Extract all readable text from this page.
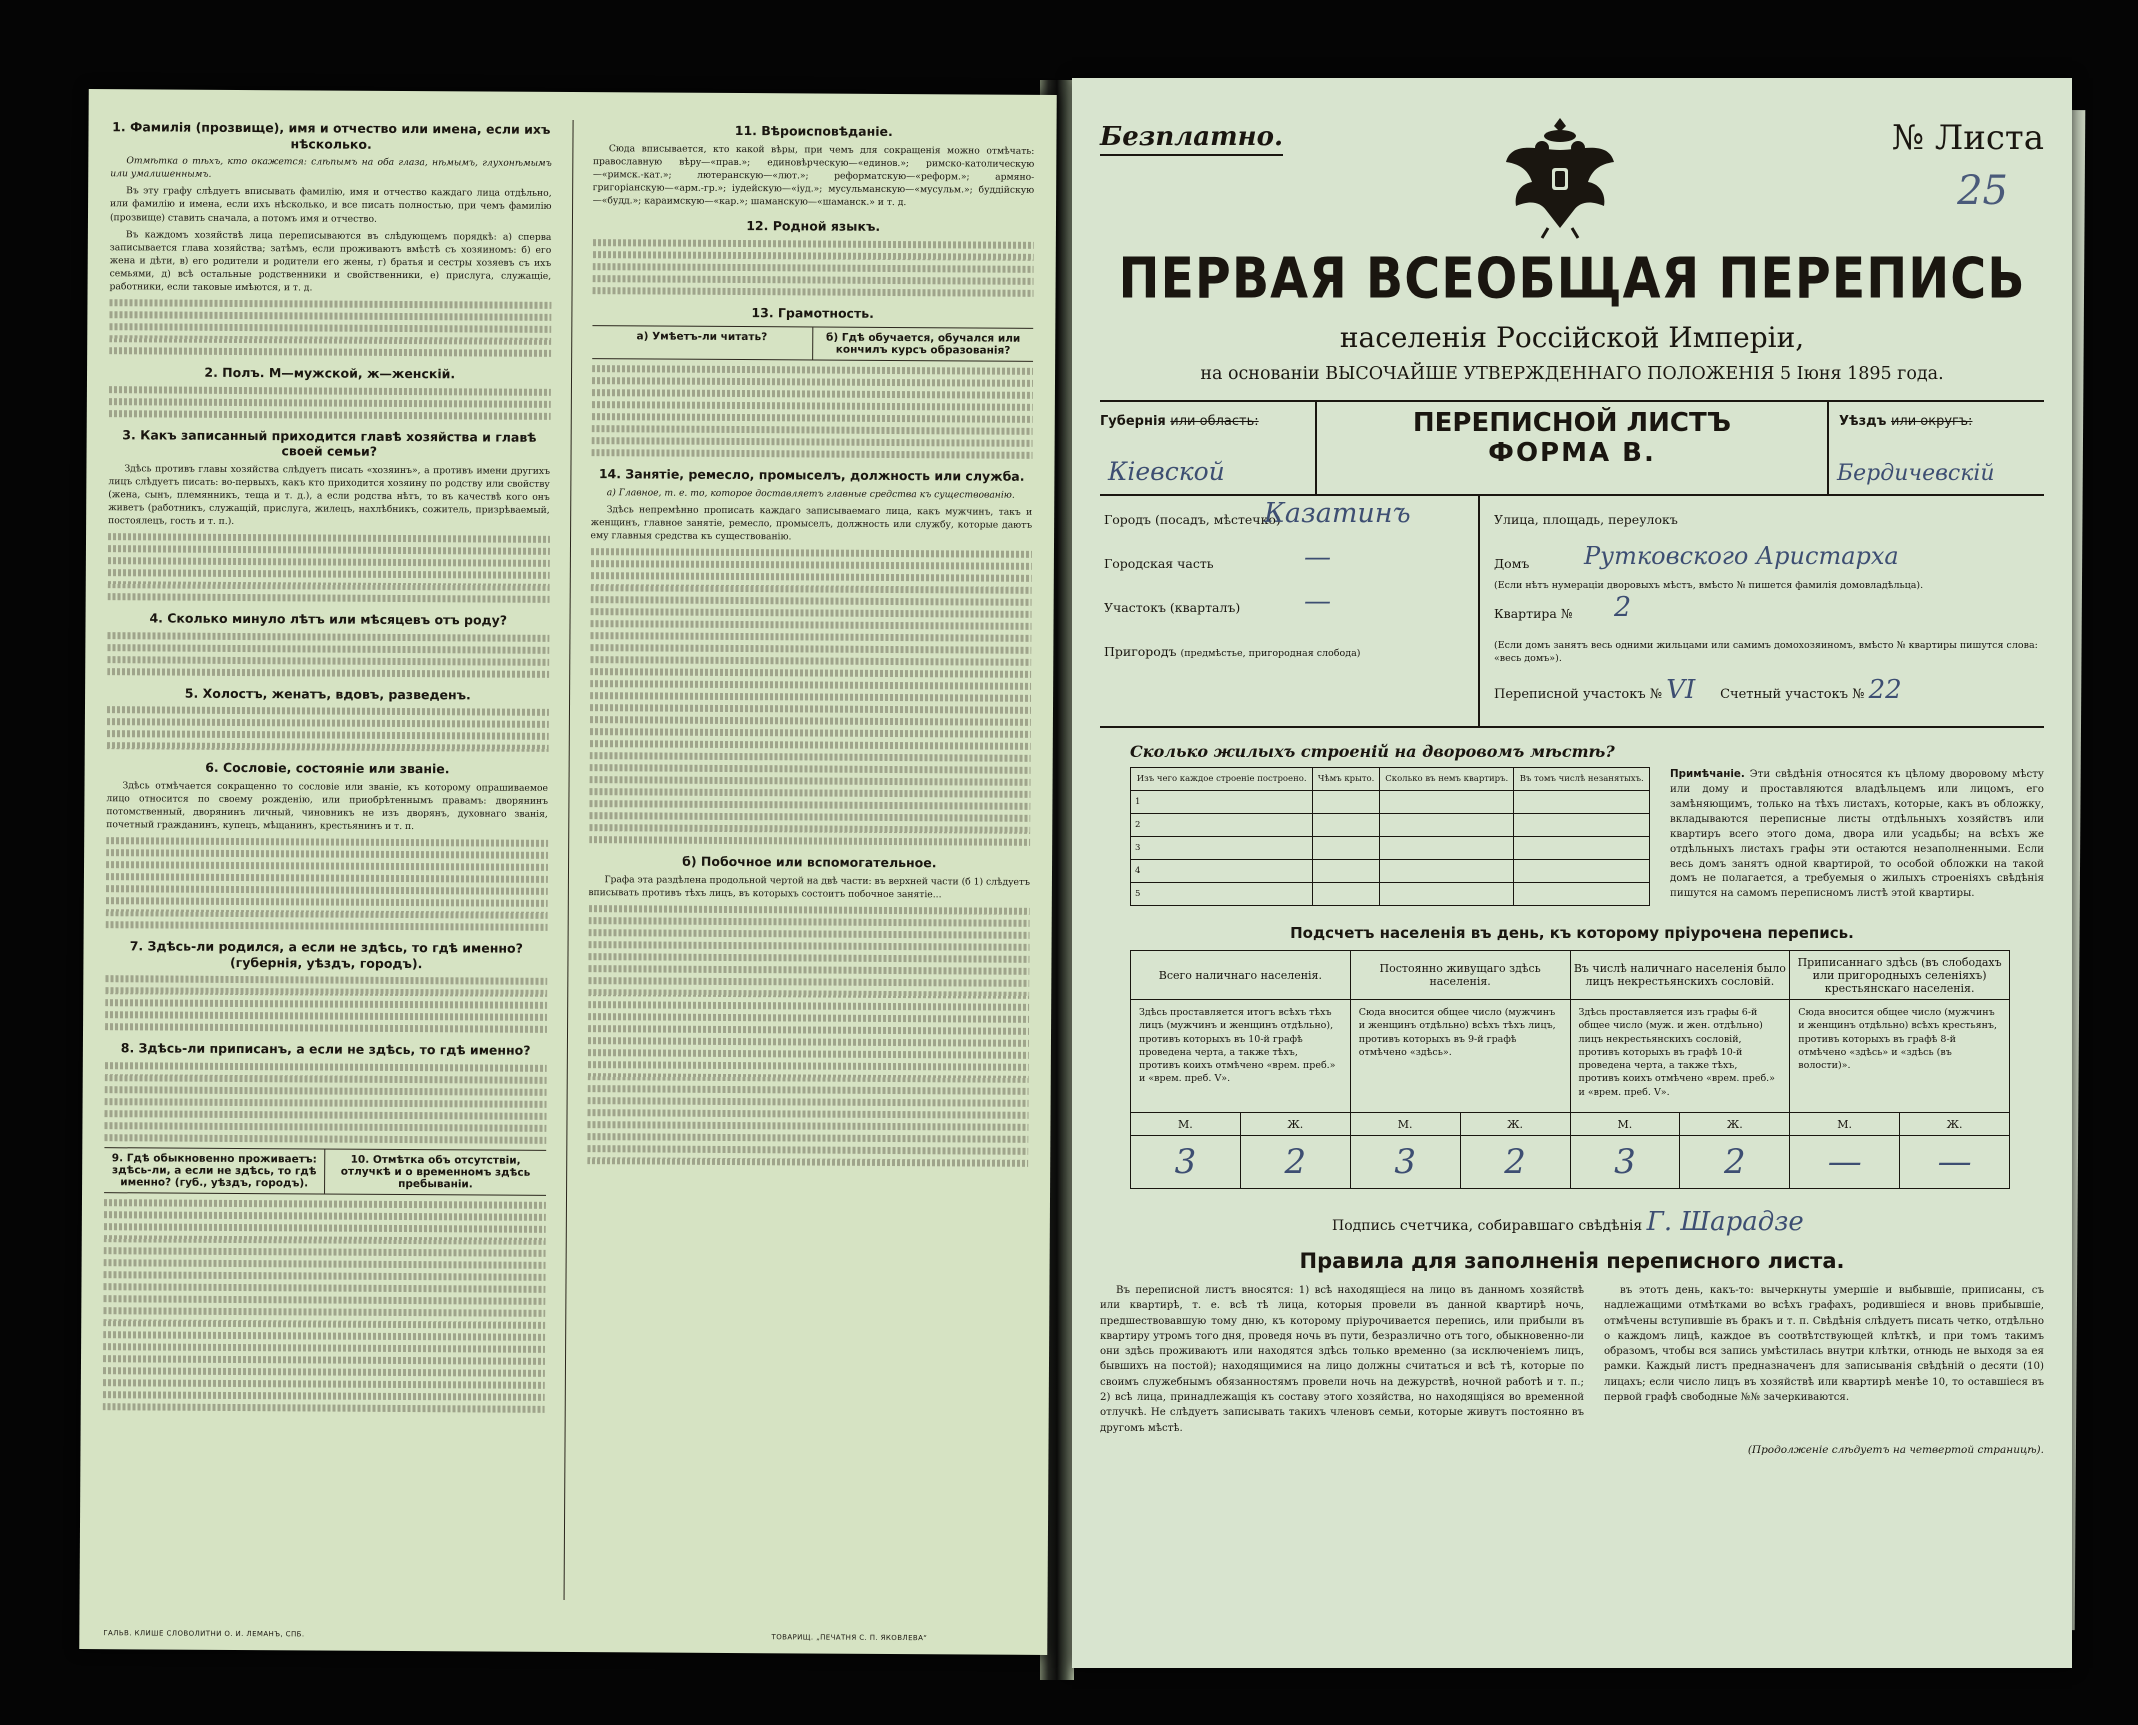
1. Фамилія (прозвище), имя и отчество или имена, если ихъ нѣсколько.
Отмѣтка о тѣхъ, кто окажется: слѣпымъ на оба глаза, нѣмымъ, глухонѣмымъ или умалишеннымъ.
Въ эту графу слѣдуетъ вписывать фамилію, имя и отчество каждаго лица отдѣльно, или фамилію и имена, если ихъ нѣсколько, и все писать полностью, при чемъ фамилію (прозвище) ставить сначала, а потомъ имя и отчество.
Въ каждомъ хозяйствѣ лица переписываются въ слѣдующемъ порядкѣ: а) сперва записывается глава хозяйства; затѣмъ, если проживаютъ вмѣстѣ съ хозяиномъ: б) его жена и дѣти, в) его родители и родители его жены, г) братья и сестры хозяевъ съ ихъ семьями, д) всѣ остальные родственники и свойственники, е) прислуга, служащіе, работники, если таковые имѣются, и т. д.
2. Полъ. М—мужской, ж—женскій.
3. Какъ записанный приходится главѣ хозяйства и главѣ своей семьи?
Здѣсь противъ главы хозяйства слѣдуетъ писать «хозяинъ», а противъ имени другихъ лицъ слѣдуетъ писать: во-первыхъ, какъ кто приходится хозяину по родству или свойству (жена, сынъ, племянникъ, теща и т. д.), а если родства нѣтъ, то въ качествѣ кого онъ живетъ (работникъ, служащій, прислуга, жилецъ, нахлѣбникъ, сожитель, призрѣваемый, постоялецъ, гость и т. п.).
4. Сколько минуло лѣтъ или мѣсяцевъ отъ роду?
5. Холостъ, женатъ, вдовъ, разведенъ.
6. Сословіе, состояніе или званіе.
Здѣсь отмѣчается сокращенно то сословіе или званіе, къ которому опрашиваемое лицо относится по своему рожденію, или приобрѣтеннымъ правамъ: дворянинъ потомственный, дворянинъ личный, чиновникъ не изъ дворянъ, духовнаго званія, почетный гражданинъ, купецъ, мѣщанинъ, крестьянинъ и т. п.
7. Здѣсь-ли родился, а если не здѣсь, то гдѣ именно? (губернія, уѣздъ, городъ).
8. Здѣсь-ли приписанъ, а если не здѣсь, то гдѣ именно?
9. Гдѣ обыкновенно проживаетъ: здѣсь-ли, а если не здѣсь, то гдѣ именно? (губ., уѣздъ, городъ).
10. Отмѣтка объ отсутствіи, отлучкѣ и о временномъ здѣсь пребываніи.
11. Вѣроисповѣданіе.
Сюда вписывается, кто какой вѣры, при чемъ для сокращенія можно отмѣчать: православную вѣру—«прав.»; единовѣрческую—«единов.»; римско-католическую—«римск.-кат.»; лютеранскую—«лют.»; реформатскую—«реформ.»; армяно-григоріанскую—«арм.-гр.»; іудейскую—«іуд.»; мусульманскую—«мусульм.»; буддійскую—«будд.»; караимскую—«кар.»; шаманскую—«шаманск.» и т. д.
12. Родной языкъ.
13. Грамотность.
а) Умѣетъ-ли читать?	б) Гдѣ обучается, обучался или кончилъ курсъ образованія?
14. Занятіе, ремесло, промыселъ, должность или служба.
а) Главное, т. е. то, которое доставляетъ главные средства къ существованію.
Здѣсь непремѣнно прописать каждаго записываемаго лица, какъ мужчинъ, такъ и женщинъ, главное занятіе, ремесло, промыселъ, должность или службу, которые даютъ ему главныя средства къ существованію.
б) Побочное или вспомогательное.
Графа эта раздѣлена продольной чертой на двѣ части: въ верхней части (б 1) слѣдуетъ вписывать противъ тѣхъ лицъ, въ которыхъ состоитъ побочное занятіе...
ГАЛЬВ. КЛИШЕ СЛОВОЛИТНИ О. И. ЛЕМАНЪ, СПБ.	ТОВАРИЩ. „ПЕЧАТНЯ С. П. ЯКОВЛЕВА“
Безплатно.	№ Листа
25
ПЕРВАЯ ВСЕОБЩАЯ ПЕРЕПИСЬ
населенія Россійской Имперіи,
на основаніи ВЫСОЧАЙШЕ УТВЕРЖДЕННАГО ПОЛОЖЕНІЯ 5 Іюня 1895 года.
Губернія или область:
Кіевской
ПЕРЕПИСНОЙ ЛИСТЪ
ФОРМА В.
Уѣздъ или округъ:
Бердичевскій
Городъ (посадъ, мѣстечко)
Казатинъ
Городская часть	—
Участокъ (кварталъ) —
Пригородъ (предмѣстье, пригородная слобода)
Улица, площадь, переулокъ
Домъ Рутковского Аристарха
(Если нѣтъ нумераціи дворовыхъ мѣстъ, вмѣсто № пишется фамилія домовладѣльца).
Квартира № 2
(Если домъ занятъ весь одними жильцами или самимъ домохозяиномъ, вмѣсто № квартиры пишутся слова: «весь домъ»).
Переписной участокъ № VI Счетный участокъ № 22
Сколько жилыхъ строеній на дворовомъ мѣстѣ?
Изъ чего каждое строеніе построено.	Чѣмъ крыто.	Сколько въ немъ квартиръ.	Въ томъ числѣ незанятыхъ.
1			
2			
3			
4			
5			
Примѣчаніе. Эти свѣдѣнія относятся къ цѣлому дворовому мѣсту или дому и проставляются владѣльцемъ или лицомъ, его замѣняющимъ, только на тѣхъ листахъ, которые, какъ въ обложку, вкладываются переписные листы отдѣльныхъ хозяйствъ или квартиръ всего этого дома, двора или усадьбы; на всѣхъ же отдѣльныхъ листахъ графы эти остаются незаполненными. Если весь домъ занятъ одной квартирой, то особой обложки на такой домъ не полагается, а требуемыя о жилыхъ строеніяхъ свѣдѣнія пишутся на самомъ переписномъ листѣ этой квартиры.
Подсчетъ населенія въ день, къ которому пріурочена перепись.
Всего наличнаго населенія.		Постоянно живущаго здѣсь населенія.		Въ числѣ наличнаго населенія было лицъ некрестьянскихъ сословій.		Приписаннаго здѣсь (въ слободахъ или пригородныхъ селеніяхъ) крестьянскаго населенія.	
Здѣсь проставляется итогъ всѣхъ тѣхъ лицъ (мужчинъ и женщинъ отдѣльно), противъ которыхъ въ 10-й графѣ проведена черта, а также тѣхъ, противъ коихъ отмѣчено «врем. преб.» и «врем. преб. V».		Сюда вносится общее число (мужчинъ и женщинъ отдѣльно) всѣхъ тѣхъ лицъ, противъ которыхъ въ 9-й графѣ отмѣчено «здѣсь».		Здѣсь проставляется изъ графы 6-й общее число (муж. и жен. отдѣльно) лицъ некрестьянскихъ сословій, противъ которыхъ въ графѣ 10-й проведена черта, а также тѣхъ, противъ коихъ отмѣчено «врем. преб.» и «врем. преб. V».		Сюда вносится общее число (мужчинъ и женщинъ отдѣльно) всѣхъ крестьянъ, противъ которыхъ въ графѣ 8-й отмѣчено «здѣсь» и «здѣсь (въ волости)».	
М.	Ж.	М.	Ж.	М.	Ж.	М.	Ж.
3	2	3	2	3	2	—	—
Подпись счетчика, собиравшаго свѣдѣнія Г. Шарадзе
Правила для заполненія переписного листа.
Въ переписной листъ вносятся: 1) всѣ находящіеся на лицо въ данномъ хозяйствѣ или квартирѣ, т. е. всѣ тѣ лица, которыя провели въ данной квартирѣ ночь, предшествовавшую тому дню, къ которому пріурочивается перепись, или прибыли въ квартиру утромъ того дня, проведя ночь въ пути, безразлично отъ того, обыкновенно-ли они здѣсь проживаютъ или находятся здѣсь только временно (за исключеніемъ лицъ, бывшихъ на постой); находящимися на лицо должны считаться и всѣ тѣ, которые по своимъ служебнымъ обязанностямъ провели ночь на дежурствѣ, ночной работѣ и т. п.; 2) всѣ лица, принадлежащія къ составу этого хозяйства, но находящіяся во временной отлучкѣ. Не слѣдуетъ записывать такихъ членовъ семьи, которые живутъ постоянно въ другомъ мѣстѣ.
въ этотъ день, какъ-то: вычеркнуты умершіе и выбывшіе, приписаны, съ надлежащими отмѣтками во всѣхъ графахъ, родившіеся и вновь прибывшіе, отмѣчены вступившіе въ бракъ и т. п. Свѣдѣнія слѣдуетъ писать четко, отдѣльно о каждомъ лицѣ, каждое въ соотвѣтствующей клѣткѣ, и при томъ такимъ образомъ, чтобы вся запись умѣстилась внутри клѣтки, отнюдь не выходя за ея рамки. Каждый листъ предназначенъ для записыванія свѣдѣній о десяти (10) лицахъ; если число лицъ въ хозяйствѣ или квартирѣ менѣе 10, то оставшіеся въ первой графѣ свободные №№ зачеркиваются.
(Продолженіе слѣдуетъ на четвертой страницѣ).
